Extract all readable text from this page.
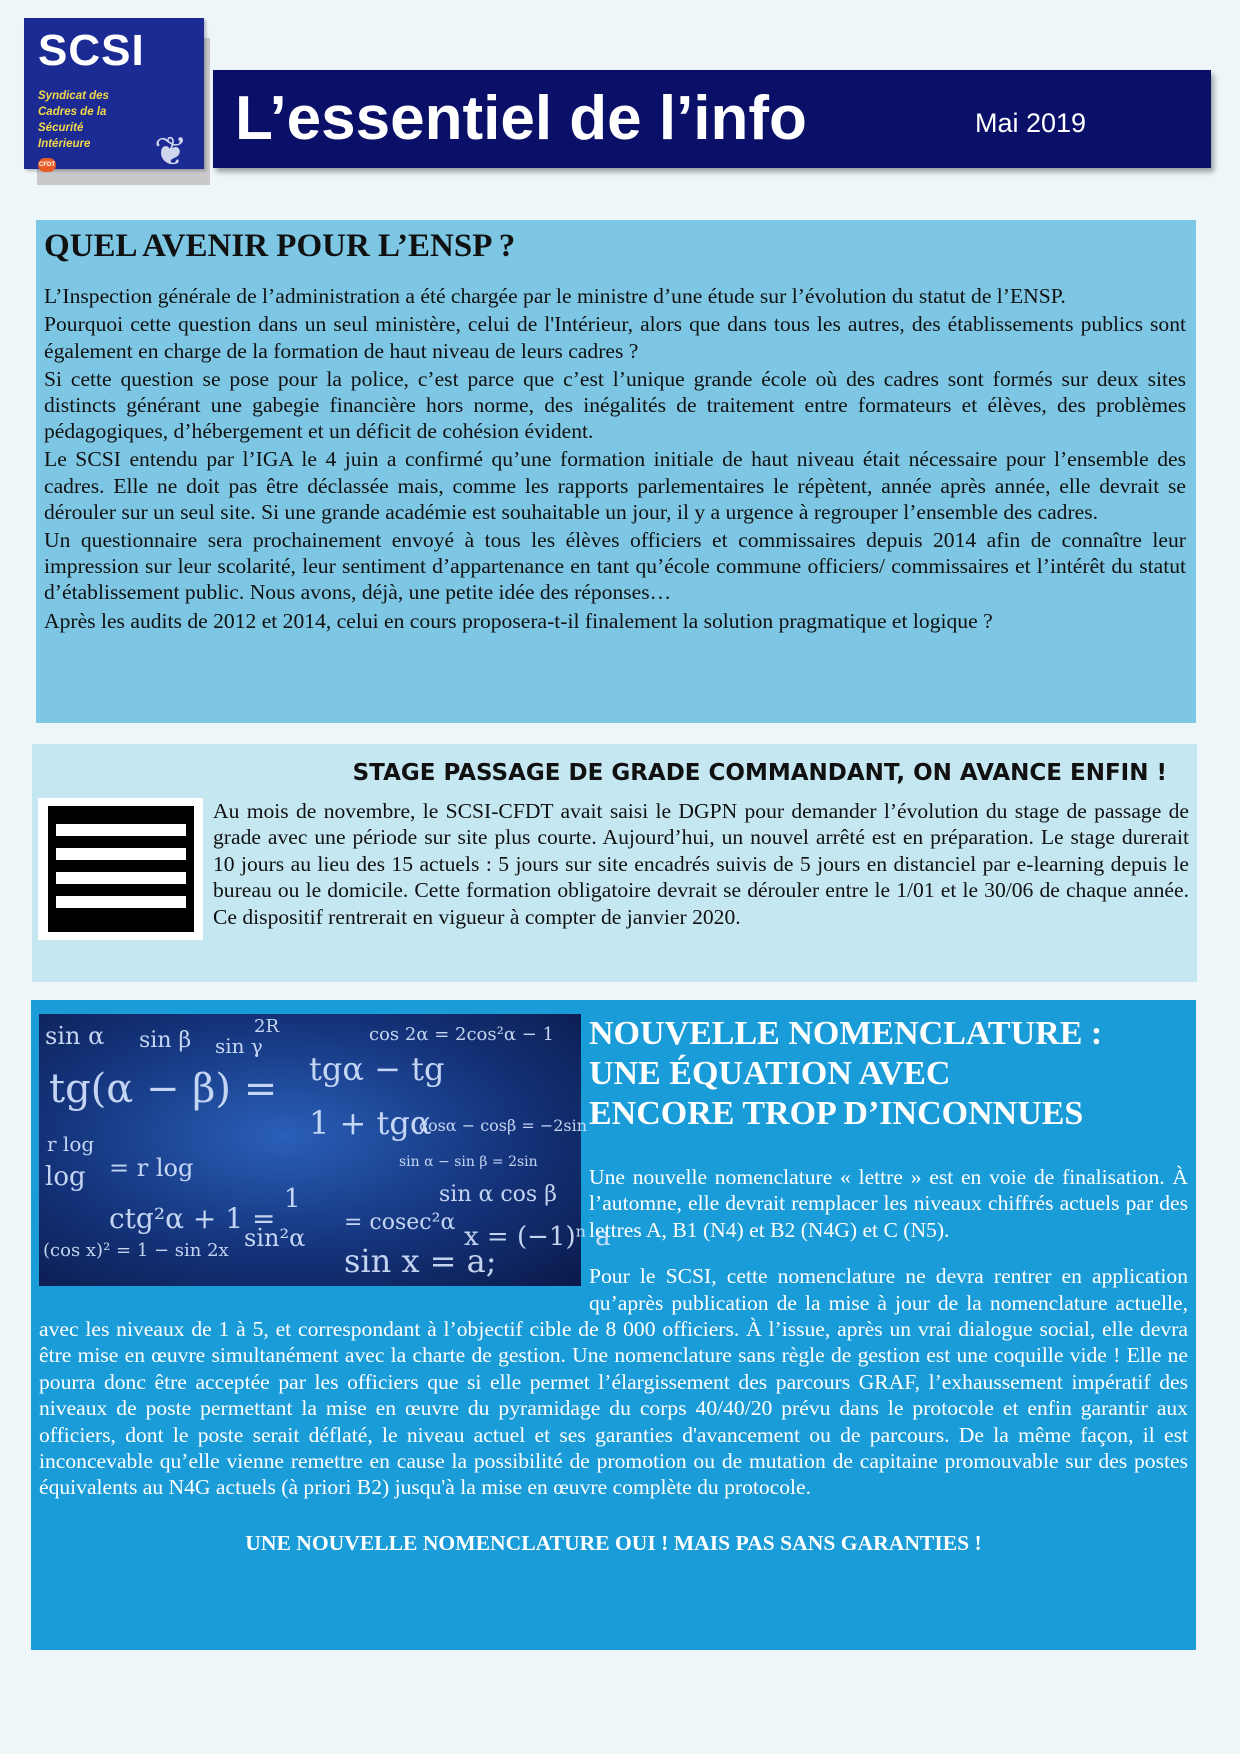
SCSI
Syndicat des
Cadres de la
Sécurité
Intérieure	❦
CFDT
L’essentiel de l’info	Mai 2019
QUEL AVENIR POUR L’ENSP ?

L’Inspection générale de l’administration a été chargée par le ministre d’une étude sur l’évolution du statut de l’ENSP.

Pourquoi cette question dans un seul ministère, celui de l'Intérieur, alors que dans tous les autres, des établissements publics sont également en charge de la formation de haut niveau de leurs cadres ?

Si cette question se pose pour la police, c’est parce que c’est l’unique grande école où des cadres sont formés sur deux sites distincts générant une gabegie financière hors norme, des inégalités de traitement entre formateurs et élèves, des problèmes pédagogiques, d’hébergement et un déficit de cohésion évident.

Le SCSI entendu par l’IGA le 4 juin a confirmé qu’une formation initiale de haut niveau était nécessaire pour l’ensemble des cadres. Elle ne doit pas être déclassée mais, comme les rapports parlementaires le répètent, année après année, elle devrait se dérouler sur un seul site. Si une grande académie est souhaitable un jour, il y a urgence à regrouper l’ensemble des cadres.

Un questionnaire sera prochainement envoyé à tous les élèves officiers et commissaires depuis 2014 afin de connaître leur impression sur leur scolarité, leur sentiment d’appartenance en tant qu’école commune officiers/ commissaires et l’intérêt du statut d’établissement public. Nous avons, déjà, une petite idée des réponses…

Après les audits de 2012 et 2014, celui en cours proposera-t-il finalement la solution pragmatique et logique ?

STAGE PASSAGE DE GRADE COMMANDANT, ON AVANCE ENFIN !

Au mois de novembre, le SCSI-CFDT avait saisi le DGPN pour demander l’évolution du stage de passage de grade avec une période sur site plus courte. Aujourd’hui, un nouvel arrêté est en préparation. Le stage durerait 10 jours au lieu des 15 actuels : 5 jours sur site encadrés suivis de 5 jours en distanciel par e-learning depuis le bureau ou le domicile. Cette formation obligatoire devrait se dérouler entre le 1/01 et le 30/06 de chaque année. Ce dispositif rentrerait en vigueur à compter de janvier 2020.

sin α sin β sin γ
2R	cos 2α = 2cos²α − 1
tg(α − β) = tgα − tg
1 + tgα
cosα − cosβ = −2sin
r log
log = r log
ctg²α + 1 =
1
sin²α
= cosec²α
sin x = a;
x = (−1)ⁿ a
sin α cos β
(cos x)² = 1 − sin 2x
sin α − sin β = 2sin
NOUVELLE NOMENCLATURE :
UNE ÉQUATION AVEC
ENCORE TROP D’INCONNUES

Une nouvelle nomenclature « lettre » est en voie de finalisation. À l’automne, elle devrait remplacer les niveaux chiffrés actuels par des lettres A, B1 (N4) et B2 (N4G) et C (N5).

Pour le SCSI, cette nomenclature ne devra rentrer en application qu’après publication de la mise à jour de la nomenclature actuelle, avec les niveaux de 1 à 5, et correspondant à l’objectif cible de 8 000 officiers. À l’issue, après un vrai dialogue social, elle devra être mise en œuvre simultanément avec la charte de gestion. Une nomenclature sans règle de gestion est une coquille vide ! Elle ne pourra donc être acceptée par les officiers que si elle permet l’élargissement des parcours GRAF, l’exhaussement impératif des niveaux de poste permettant la mise en œuvre du pyramidage du corps 40/40/20 prévu dans le protocole et enfin garantir aux officiers, dont le poste serait déflaté, le niveau actuel et ses garanties d'avancement ou de parcours. De la même façon, il est inconcevable qu’elle vienne remettre en cause la possibilité de promotion ou de mutation de capitaine promouvable sur des postes équivalents au N4G actuels (à priori B2) jusqu'à la mise en œuvre complète du protocole.

UNE NOUVELLE NOMENCLATURE OUI ! MAIS PAS SANS GARANTIES !
